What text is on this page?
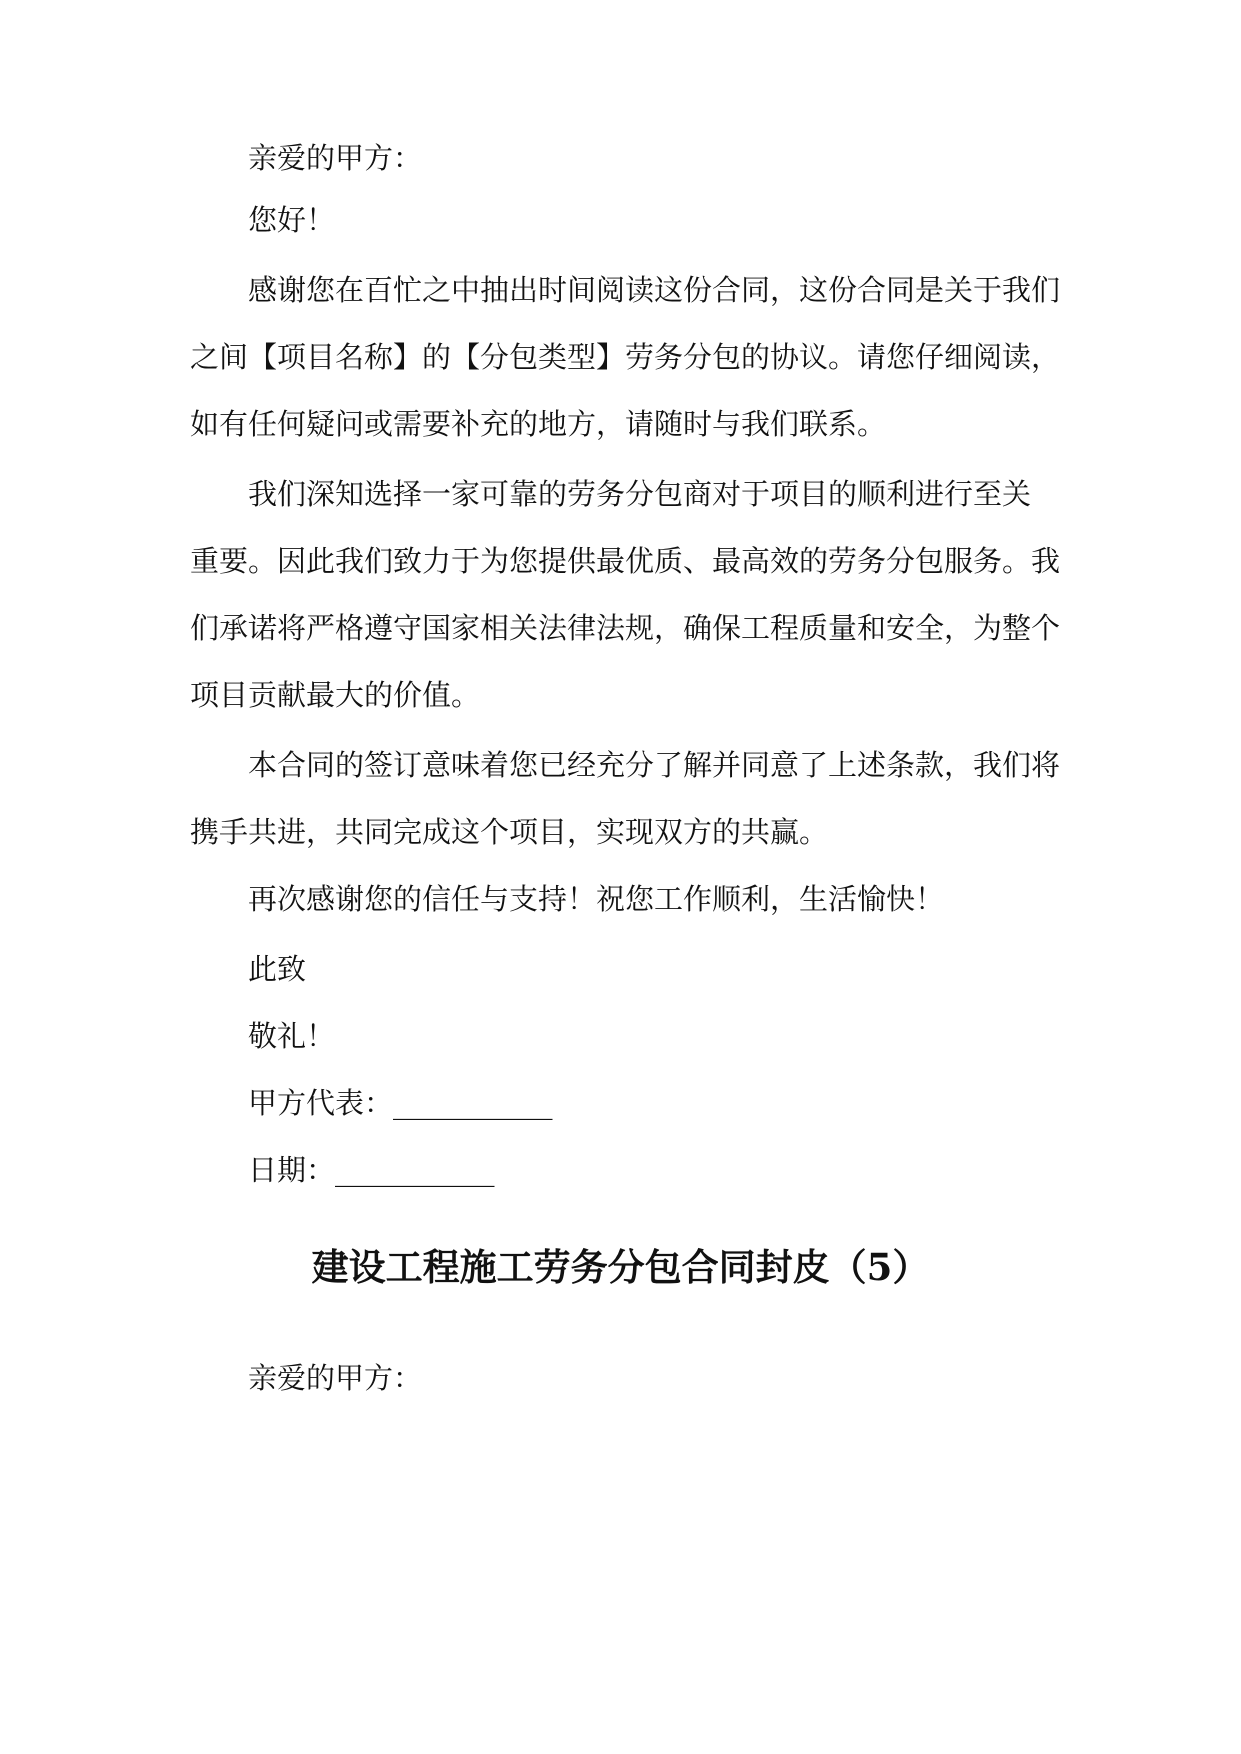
亲爱的甲方：
您好！
感谢您在百忙之中抽出时间阅读这份合同，这份合同是关于我们
之间【项目名称】的【分包类型】劳务分包的协议。请您仔细阅读，
如有任何疑问或需要补充的地方，请随时与我们联系。
我们深知选择一家可靠的劳务分包商对于项目的顺利进行至关
重要。因此我们致力于为您提供最优质、最高效的劳务分包服务。我
们承诺将严格遵守国家相关法律法规，确保工程质量和安全，为整个
项目贡献最大的价值。
本合同的签订意味着您已经充分了解并同意了上述条款，我们将
携手共进，共同完成这个项目，实现双方的共赢。
再次感谢您的信任与支持！祝您工作顺利，生活愉快！
此致
敬礼！
甲方代表：___________
日期：___________
建设工程施工劳务分包合同封皮（5）
亲爱的甲方：
